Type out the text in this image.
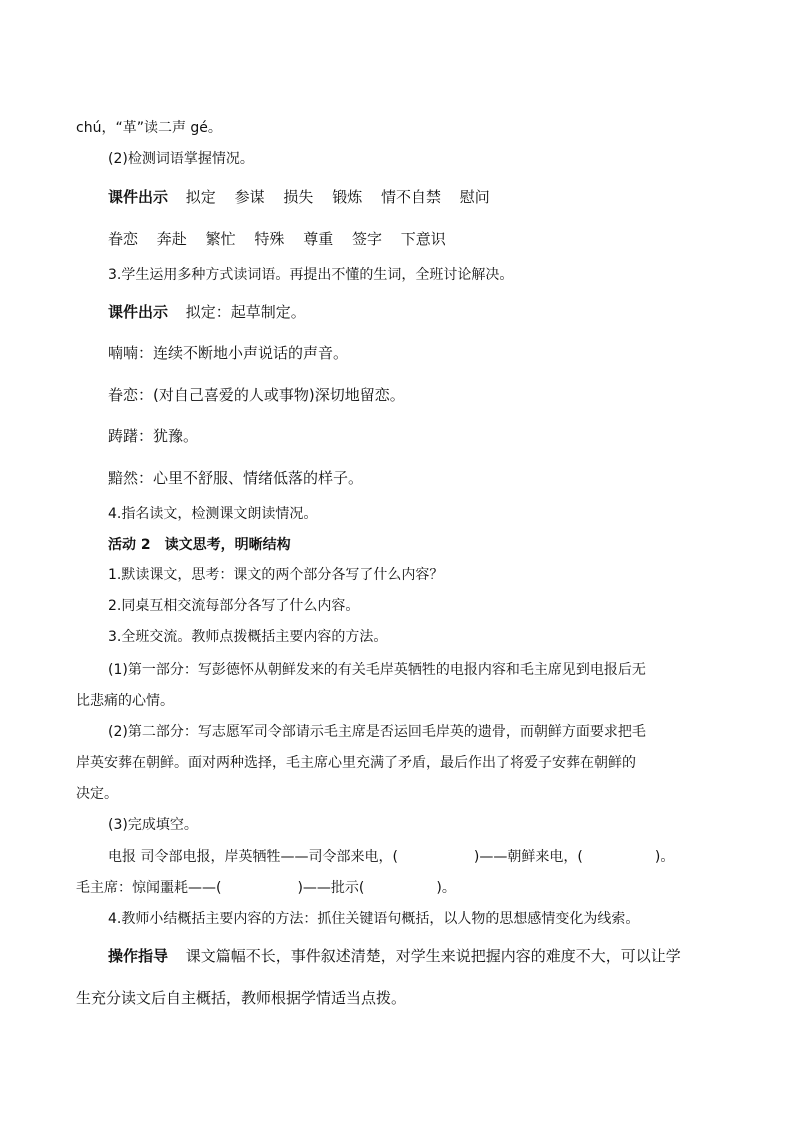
chú，“革”读二声 gé。
(2)检测词语掌握情况。
课件出示 拟定 参谋 损失 锻炼 情不自禁 慰问
眷恋 奔赴 繁忙 特殊 尊重 签字 下意识
3.学生运用多种方式读词语。再提出不懂的生词，全班讨论解决。
课件出示 拟定：起草制定。
喃喃：连续不断地小声说话的声音。
眷恋：(对自己喜爱的人或事物)深切地留恋。
踌躇：犹豫。
黯然：心里不舒服、情绪低落的样子。
4.指名读文，检测课文朗读情况。
活动 2　读文思考，明晰结构
1.默读课文，思考：课文的两个部分各写了什么内容？
2.同桌互相交流每部分各写了什么内容。
3.全班交流。教师点拨概括主要内容的方法。
(1)第一部分：写彭德怀从朝鲜发来的有关毛岸英牺牲的电报内容和毛主席见到电报后无
比悲痛的心情。
(2)第二部分：写志愿军司令部请示毛主席是否运回毛岸英的遗骨，而朝鲜方面要求把毛
岸英安葬在朝鲜。面对两种选择，毛主席心里充满了矛盾，最后作出了将爱子安葬在朝鲜的
决定。
(3)完成填空。
电报 司令部电报，岸英牺牲——司令部来电，(	)——朝鲜来电，(	)。
毛主席：惊闻噩耗——(	)——批示(	)。
4.教师小结概括主要内容的方法：抓住关键语句概括，以人物的思想感情变化为线索。
操作指导 课文篇幅不长，事件叙述清楚，对学生来说把握内容的难度不大，可以让学
生充分读文后自主概括，教师根据学情适当点拨。
